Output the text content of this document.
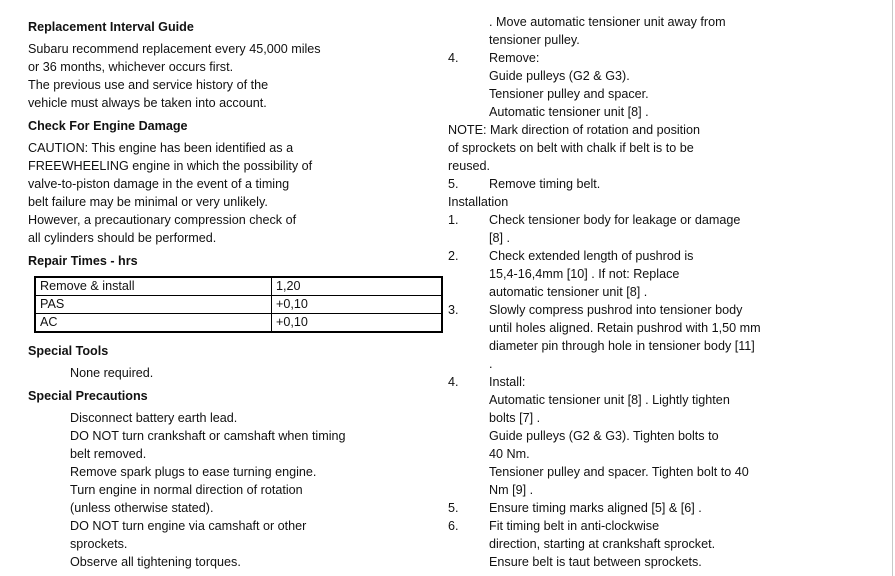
Replacement Interval Guide
Subaru recommend replacement every 45,000 miles
or 36 months, whichever occurs first.
The previous use and service history of the
vehicle must always be taken into account.
Check For Engine Damage
CAUTION: This engine has been identified as a
FREEWHEELING engine in which the possibility of
valve-to-piston damage in the event of a timing
belt failure may be minimal or very unlikely.
However, a precautionary compression check of
all cylinders should be performed.
Repair Times - hrs
Remove & install	1,20
PAS	+0,10
AC	+0,10
Special Tools
None required.
Special Precautions
Disconnect battery earth lead.
DO NOT turn crankshaft or camshaft when timing
belt removed.
Remove spark plugs to ease turning engine.
Turn engine in normal direction of rotation
(unless otherwise stated).
DO NOT turn engine via camshaft or other
sprockets.
Observe all tightening torques.
. Move automatic tensioner unit away from
tensioner pulley.
4. Remove:
Guide pulleys (G2 & G3).
Tensioner pulley and spacer.
Automatic tensioner unit [8] .
NOTE: Mark direction of rotation and position
of sprockets on belt with chalk if belt is to be
reused.
5. Remove timing belt.
Installation
1. Check tensioner body for leakage or damage
[8] .
2. Check extended length of pushrod is
15,4-16,4mm [10] . If not: Replace
automatic tensioner unit [8] .
3. Slowly compress pushrod into tensioner body
until holes aligned. Retain pushrod with 1,50 mm
diameter pin through hole in tensioner body [11]
.
4. Install:
Automatic tensioner unit [8] . Lightly tighten
bolts [7] .
Guide pulleys (G2 & G3). Tighten bolts to
40 Nm.
Tensioner pulley and spacer. Tighten bolt to 40
Nm [9] .
5. Ensure timing marks aligned [5] & [6] .
6. Fit timing belt in anti-clockwise
direction, starting at crankshaft sprocket.
Ensure belt is taut between sprockets.
